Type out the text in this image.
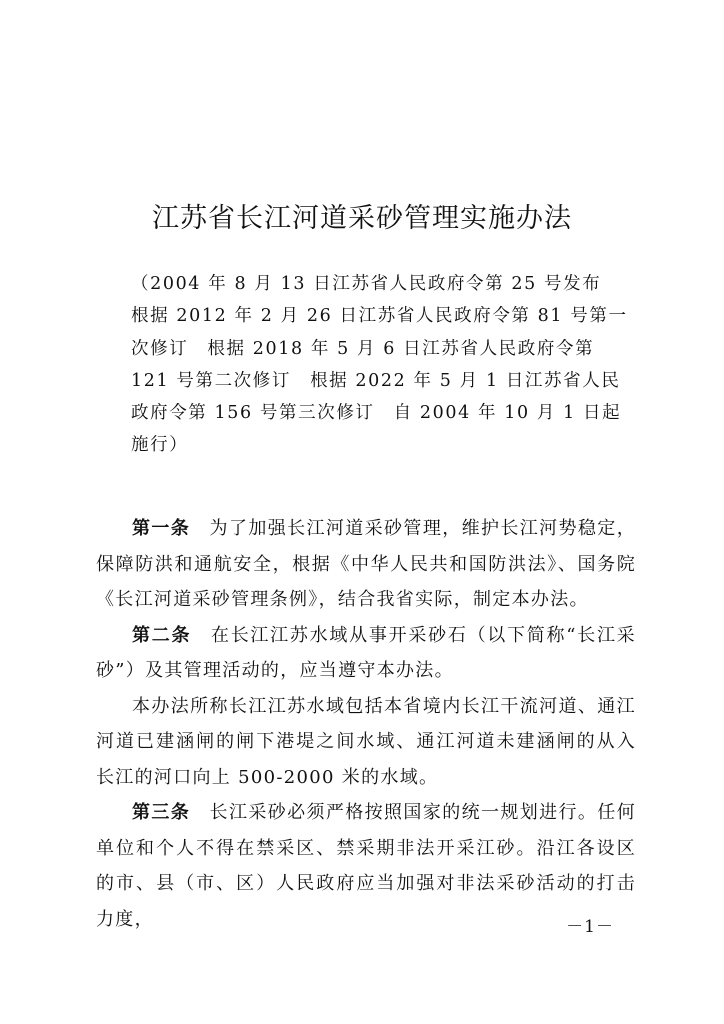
江苏省长江河道采砂管理实施办法
（2004 年 8 月 13 日江苏省人民政府令第 25 号发布
根据 2012 年 2 月 26 日江苏省人民政府令第 81 号第一
次修订　根据 2018 年 5 月 6 日江苏省人民政府令第
121 号第二次修订　根据 2022 年 5 月 1 日江苏省人民
政府令第 156 号第三次修订　自 2004 年 10 月 1 日起
施行）

第一条　为了加强长江河道采砂管理，维护长江河势稳定，保障防洪和通航安全，根据《中华人民共和国防洪法》、国务院《长江河道采砂管理条例》，结合我省实际，制定本办法。

第二条　在长江江苏水域从事开采砂石（以下简称“长江采砂”）及其管理活动的，应当遵守本办法。

本办法所称长江江苏水域包括本省境内长江干流河道、通江河道已建涵闸的闸下港堤之间水域、通江河道未建涵闸的从入长江的河口向上 500-2000 米的水域。

第三条　长江采砂必须严格按照国家的统一规划进行。任何单位和个人不得在禁采区、禁采期非法开采江砂。沿江各设区的市、县（市、区）人民政府应当加强对非法采砂活动的打击力度，	－1－
